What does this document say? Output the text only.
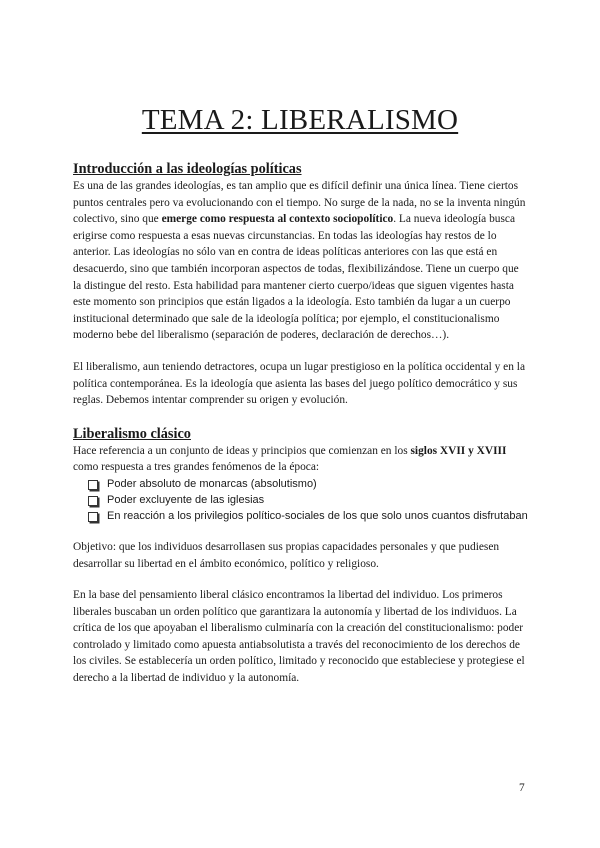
TEMA 2: LIBERALISMO
Introducción a las ideologías políticas

Es una de las grandes ideologías, es tan amplio que es difícil definir una única línea. Tiene ciertos puntos centrales pero va evolucionando con el tiempo. No surge de la nada, no se la inventa ningún colectivo, sino que emerge como respuesta al contexto sociopolítico. La nueva ideología busca erigirse como respuesta a esas nuevas circunstancias. En todas las ideologías hay restos de lo anterior. Las ideologías no sólo van en contra de ideas políticas anteriores con las que está en desacuerdo, sino que también incorporan aspectos de todas, flexibilizándose. Tiene un cuerpo que la distingue del resto. Esta habilidad para mantener cierto cuerpo/ideas que siguen vigentes hasta este momento son principios que están ligados a la ideología. Esto también da lugar a un cuerpo institucional determinado que sale de la ideología política; por ejemplo, el constitucionalismo moderno bebe del liberalismo (separación de poderes, declaración de derechos…).

El liberalismo, aun teniendo detractores, ocupa un lugar prestigioso en la política occidental y en la política contemporánea. Es la ideología que asienta las bases del juego político democrático y sus reglas. Debemos intentar comprender su origen y evolución.

Liberalismo clásico

Hace referencia a un conjunto de ideas y principios que comienzan en los siglos XVII y XVIII como respuesta a tres grandes fenómenos de la época:

Poder absoluto de monarcas (absolutismo)
Poder excluyente de las iglesias
En reacción a los privilegios político-sociales de los que solo unos cuantos disfrutaban

Objetivo: que los individuos desarrollasen sus propias capacidades personales y que pudiesen desarrollar su libertad en el ámbito económico, político y religioso.

En la base del pensamiento liberal clásico encontramos la libertad del individuo. Los primeros liberales buscaban un orden político que garantizara la autonomía y libertad de los individuos. La crítica de los que apoyaban el liberalismo culminaría con la creación del constitucionalismo: poder controlado y limitado como apuesta antiabsolutista a través del reconocimiento de los derechos de los civiles. Se establecería un orden político, limitado y reconocido que estableciese y protegiese el derecho a la libertad de individuo y la autonomía.

7
